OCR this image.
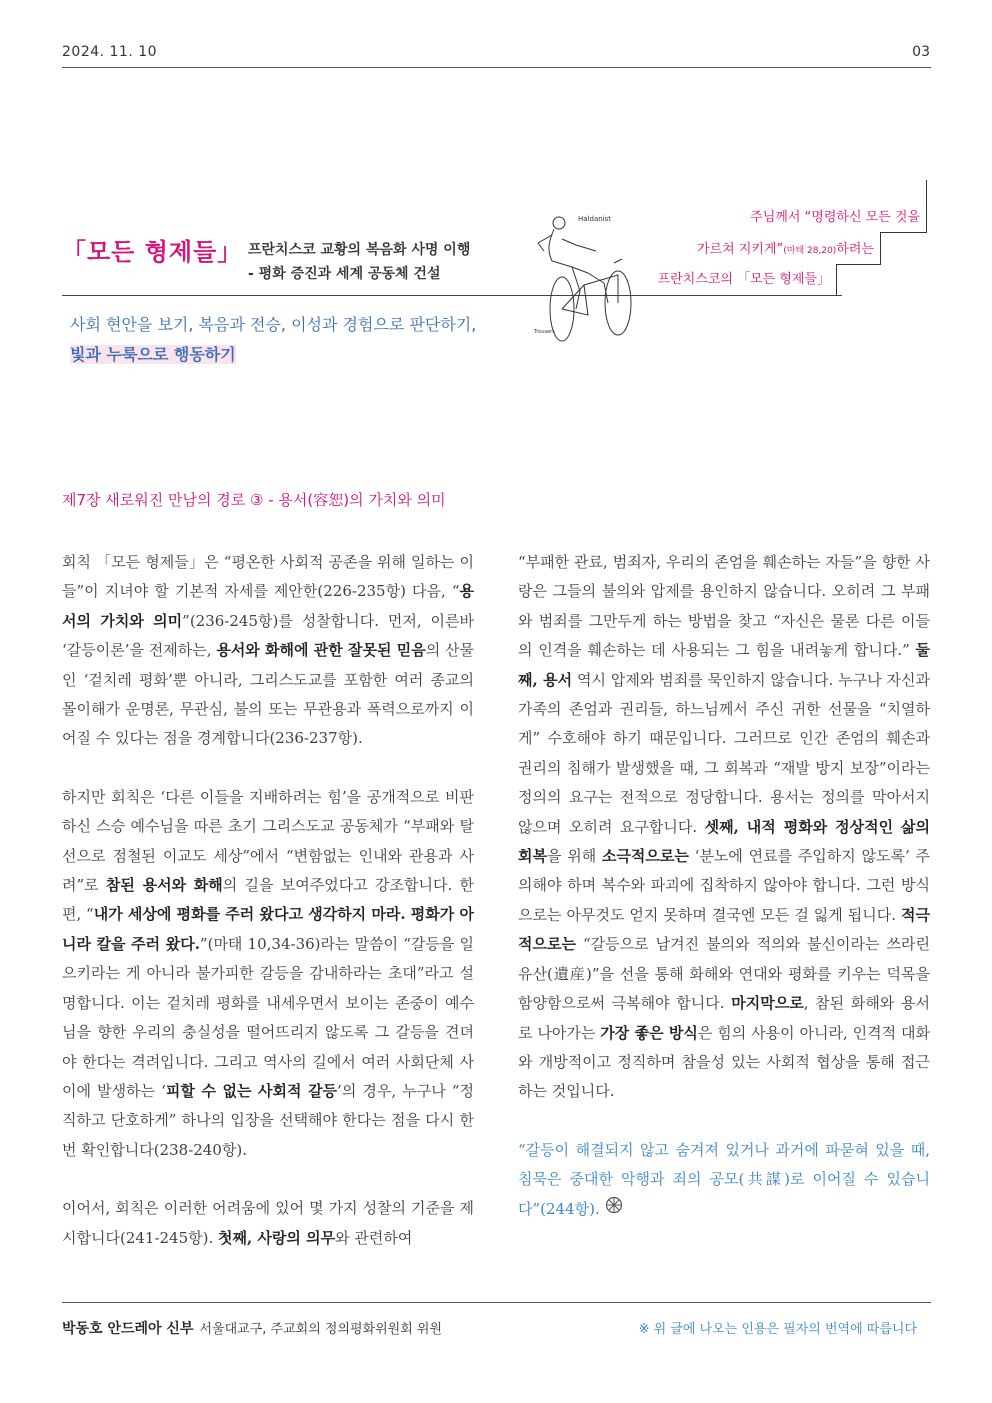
2024. 11. 10	03
「모든 형제들」 프란치스코 교황의 복음화 사명 이행
- 평화 증진과 세계 공동체 건설
사회 현안을 보기, 복음과 전승, 이성과 경험으로 판단하기,
빛과 누룩으로 행동하기
주님께서 “명령하신 모든 것을
가르쳐 지키게”(마태 28,20)하려는
프란치스코의 「모든 형제들」
Haldanist
Trousers
제7장 새로워진 만남의 경로 ③ - 용서(容恕)의 가치와 의미

회칙 「모든 형제들」은 “평온한 사회적 공존을 위해 일하는 이들”이 지녀야 할 기본적 자세를 제안한(226-235항) 다음, “용서의 가치와 의미”(236-245항)를 성찰합니다. 먼저, 이른바 ‘갈등이론’을 전제하는, 용서와 화해에 관한 잘못된 믿음의 산물인 ‘겉치레 평화’뿐 아니라, 그리스도교를 포함한 여러 종교의 몰이해가 운명론, 무관심, 불의 또는 무관용과 폭력으로까지 이어질 수 있다는 점을 경계합니다(236-237항).

하지만 회칙은 ‘다른 이들을 지배하려는 힘’을 공개적으로 비판하신 스승 예수님을 따른 초기 그리스도교 공동체가 “부패와 탈선으로 점철된 이교도 세상”에서 “변함없는 인내와 관용과 사려”로 참된 용서와 화해의 길을 보여주었다고 강조합니다. 한편, “내가 세상에 평화를 주러 왔다고 생각하지 마라. 평화가 아니라 칼을 주러 왔다.”(마태 10,34-36)라는 말씀이 “갈등을 일으키라는 게 아니라 불가피한 갈등을 감내하라는 초대”라고 설명합니다. 이는 겉치레 평화를 내세우면서 보이는 존중이 예수님을 향한 우리의 충실성을 떨어뜨리지 않도록 그 갈등을 견뎌야 한다는 격려입니다. 그리고 역사의 길에서 여러 사회단체 사이에 발생하는 ‘피할 수 없는 사회적 갈등’의 경우, 누구나 “정직하고 단호하게” 하나의 입장을 선택해야 한다는 점을 다시 한번 확인합니다(238-240항).

이어서, 회칙은 이러한 어려움에 있어 몇 가지 성찰의 기준을 제시합니다(241-245항). 첫째, 사랑의 의무와 관련하여

“부패한 관료, 범죄자, 우리의 존엄을 훼손하는 자들”을 향한 사랑은 그들의 불의와 압제를 용인하지 않습니다. 오히려 그 부패와 범죄를 그만두게 하는 방법을 찾고 “자신은 물론 다른 이들의 인격을 훼손하는 데 사용되는 그 힘을 내려놓게 합니다.” 둘째, 용서 역시 압제와 범죄를 묵인하지 않습니다. 누구나 자신과 가족의 존엄과 권리들, 하느님께서 주신 귀한 선물을 “치열하게” 수호해야 하기 때문입니다. 그러므로 인간 존엄의 훼손과 권리의 침해가 발생했을 때, 그 회복과 “재발 방지 보장”이라는 정의의 요구는 전적으로 정당합니다. 용서는 정의를 막아서지 않으며 오히려 요구합니다. 셋째, 내적 평화와 정상적인 삶의 회복을 위해 소극적으로는 ‘분노에 연료를 주입하지 않도록’ 주의해야 하며 복수와 파괴에 집착하지 않아야 합니다. 그런 방식으로는 아무것도 얻지 못하며 결국엔 모든 걸 잃게 됩니다. 적극적으로는 “갈등으로 남겨진 불의와 적의와 불신이라는 쓰라린 유산(遺産)”을 선을 통해 화해와 연대와 평화를 키우는 덕목을 함양함으로써 극복해야 합니다. 마지막으로, 참된 화해와 용서로 나아가는 가장 좋은 방식은 힘의 사용이 아니라, 인격적 대화와 개방적이고 정직하며 참을성 있는 사회적 협상을 통해 접근하는 것입니다.

“갈등이 해결되지 않고 숨겨져 있거나 과거에 파묻혀 있을 때, 침묵은 중대한 악행과 죄의 공모(共謀)로 이어질 수 있습니다”(244항).

박동호 안드레아 신부 서울대교구, 주교회의 정의평화위원회 위원	※ 위 글에 나오는 인용은 필자의 번역에 따릅니다
